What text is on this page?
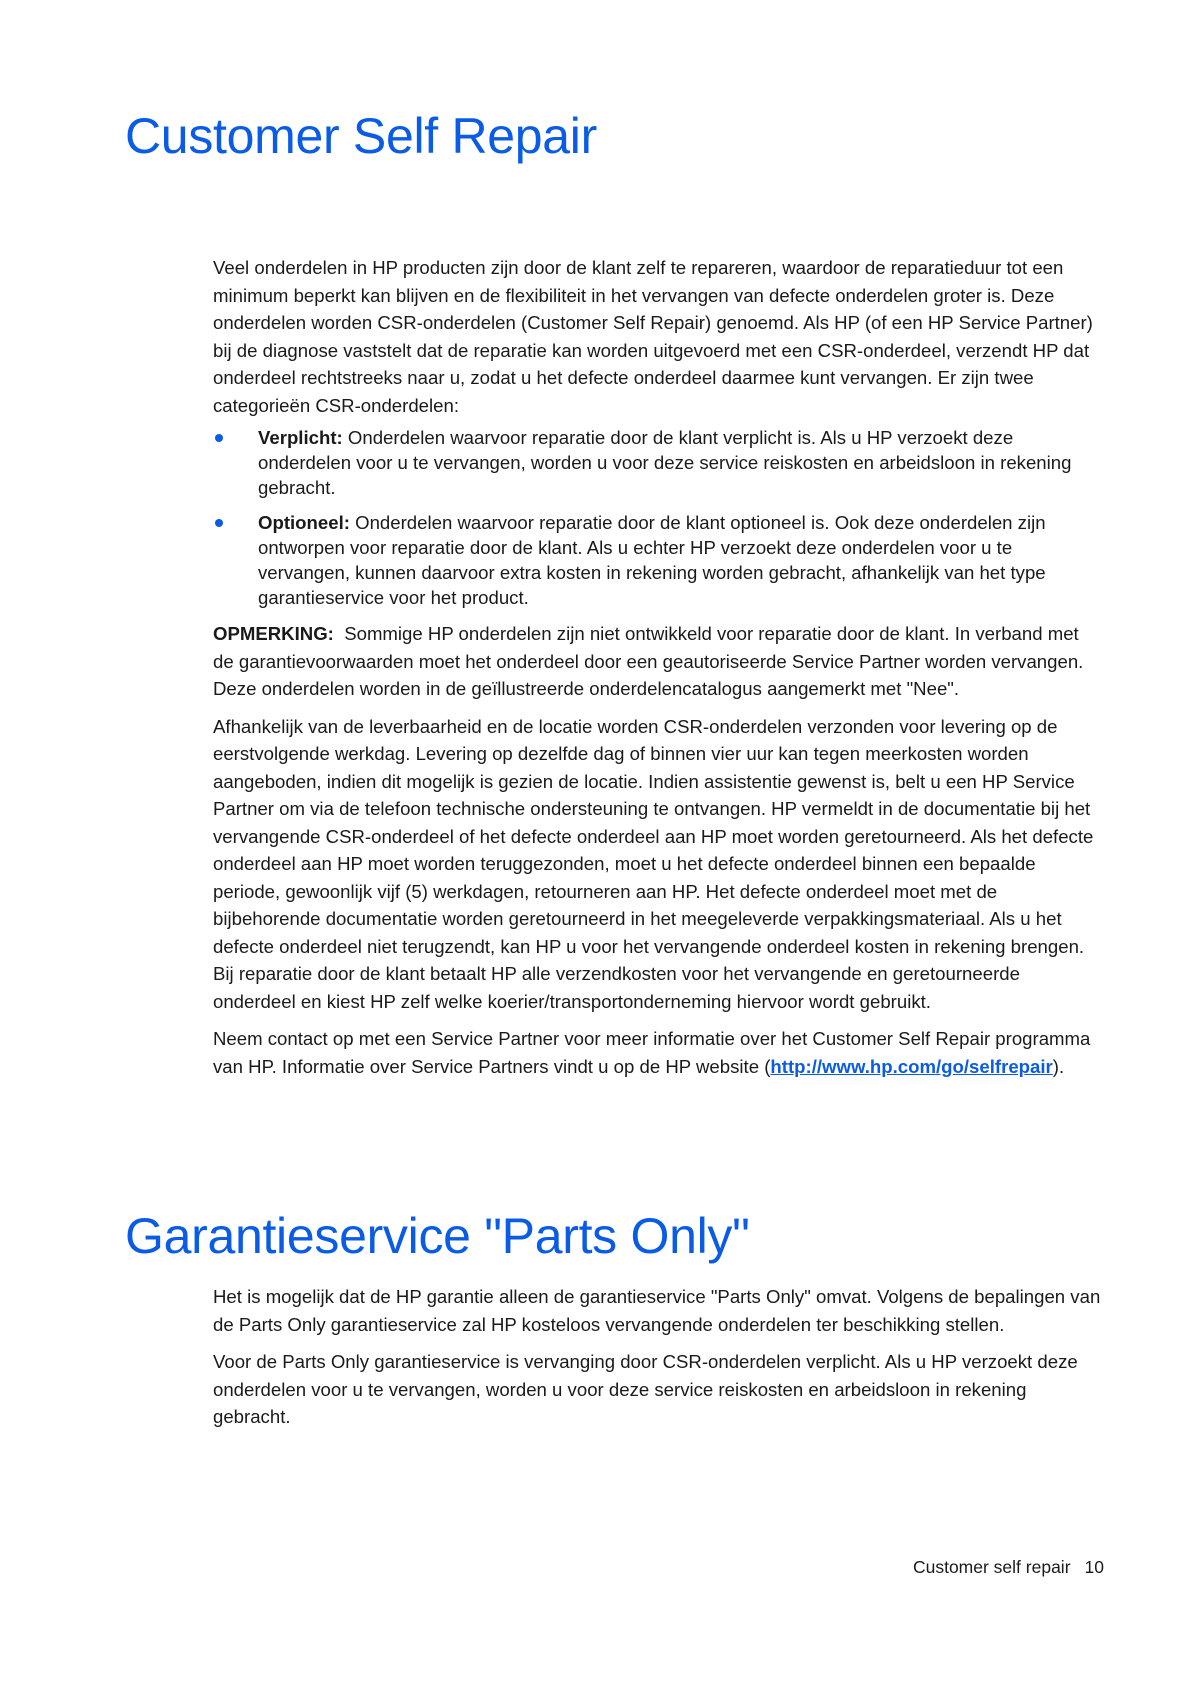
Customer Self Repair

Veel onderdelen in HP producten zijn door de klant zelf te repareren, waardoor de reparatieduur tot een minimum beperkt kan blijven en de flexibiliteit in het vervangen van defecte onderdelen groter is. Deze onderdelen worden CSR-onderdelen (Customer Self Repair) genoemd. Als HP (of een HP Service Partner) bij de diagnose vaststelt dat de reparatie kan worden uitgevoerd met een CSR-onderdeel, verzendt HP dat onderdeel rechtstreeks naar u, zodat u het defecte onderdeel daarmee kunt vervangen. Er zijn twee categorieën CSR-onderdelen:

Verplicht: Onderdelen waarvoor reparatie door de klant verplicht is. Als u HP verzoekt deze onderdelen voor u te vervangen, worden u voor deze service reiskosten en arbeidsloon in rekening gebracht.
Optioneel: Onderdelen waarvoor reparatie door de klant optioneel is. Ook deze onderdelen zijn ontworpen voor reparatie door de klant. Als u echter HP verzoekt deze onderdelen voor u te vervangen, kunnen daarvoor extra kosten in rekening worden gebracht, afhankelijk van het type garantieservice voor het product.

OPMERKING: Sommige HP onderdelen zijn niet ontwikkeld voor reparatie door de klant. In verband met de garantievoorwaarden moet het onderdeel door een geautoriseerde Service Partner worden vervangen. Deze onderdelen worden in de geïllustreerde onderdelencatalogus aangemerkt met "Nee".

Afhankelijk van de leverbaarheid en de locatie worden CSR-onderdelen verzonden voor levering op de eerstvolgende werkdag. Levering op dezelfde dag of binnen vier uur kan tegen meerkosten worden aangeboden, indien dit mogelijk is gezien de locatie. Indien assistentie gewenst is, belt u een HP Service Partner om via de telefoon technische ondersteuning te ontvangen. HP vermeldt in de documentatie bij het vervangende CSR-onderdeel of het defecte onderdeel aan HP moet worden geretourneerd. Als het defecte onderdeel aan HP moet worden teruggezonden, moet u het defecte onderdeel binnen een bepaalde periode, gewoonlijk vijf (5) werkdagen, retourneren aan HP. Het defecte onderdeel moet met de bijbehorende documentatie worden geretourneerd in het meegeleverde verpakkingsmateriaal. Als u het defecte onderdeel niet terugzendt, kan HP u voor het vervangende onderdeel kosten in rekening brengen. Bij reparatie door de klant betaalt HP alle verzendkosten voor het vervangende en geretourneerde onderdeel en kiest HP zelf welke koerier/transportonderneming hiervoor wordt gebruikt.

Neem contact op met een Service Partner voor meer informatie over het Customer Self Repair programma van HP. Informatie over Service Partners vindt u op de HP website (http://www.hp.com/go/selfrepair).

Garantieservice "Parts Only"

Het is mogelijk dat de HP garantie alleen de garantieservice "Parts Only" omvat. Volgens de bepalingen van de Parts Only garantieservice zal HP kosteloos vervangende onderdelen ter beschikking stellen.

Voor de Parts Only garantieservice is vervanging door CSR-onderdelen verplicht. Als u HP verzoekt deze onderdelen voor u te vervangen, worden u voor deze service reiskosten en arbeidsloon in rekening gebracht.

Customer self repair 10
